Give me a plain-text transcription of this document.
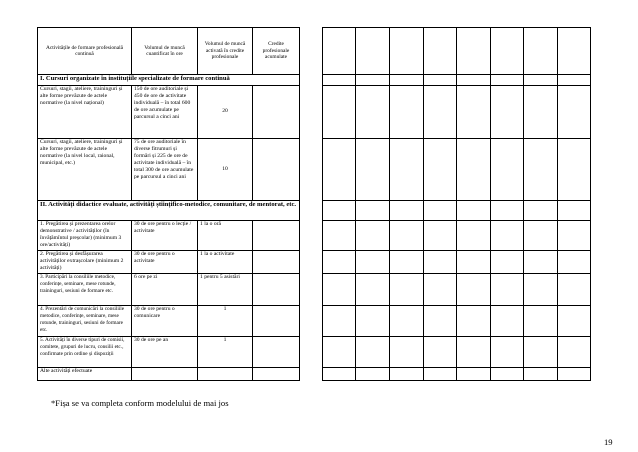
Activitățile de formare profesională continuă	Volumul de muncă cuantificat în ore	Volumul de muncă activată în credite profesionale	Credite profesionale acumulate
I. Cursuri organizate în instituțiile specializate de formare continuă			
Cursuri, stagii, ateliere, traininguri și alte forme prevăzute de actele normative (la nivel național)	150 de ore auditoriale și 450 de ore de activitate individuală – în total 600 de ore acumulate pe parcursul a cinci ani	20	
Cursuri, stagii, ateliere, traininguri și alte forme prevăzute de actele normative (la nivel local, raional, municipal, etc.)	75 de ore auditoriale în diverse fitrumuri și formări și 225 de ore de activitate individuală – în total 300 de ore acumulate pe parcursul a cinci ani	10	
II. Activități didactice evaluate, activități științifico-metodice, comunitare, de mentorat, etc.			
1. Pregătirea și prezentarea orelor demonstrative / activităților (în învățămîntul preșcolar) (minimum 3 ore/activități)	30 de ore pentru o lecție / activitate	1 la o oră	
2. Pregătirea și desfășurarea activităților extrașcolare (minimum 2 activități)	30 de ore pentru o activitate	1 la o activitate	
3. Participări la consiliile metodice, conferințe, seminare, mese rotunde, traininguri, sesiuni de formare etc.	6 ore pe zi	1 pentru 5 asistări	
4. Prezentări de comunicări la consiliile metodice, conferințe, seminare, mese rotunde, traininguri, sesiuni de formare etc.	30 de ore pentru o comunicare	1	
5. Activități în diverse tipuri de comisii, comitete, grupuri de lucru, consilii etc., confirmate prin ordine și dispoziții	30 de ore pe an	1	
Alte activități efectuate			

*Fișa se va completa conform modelului de mai jos
19
